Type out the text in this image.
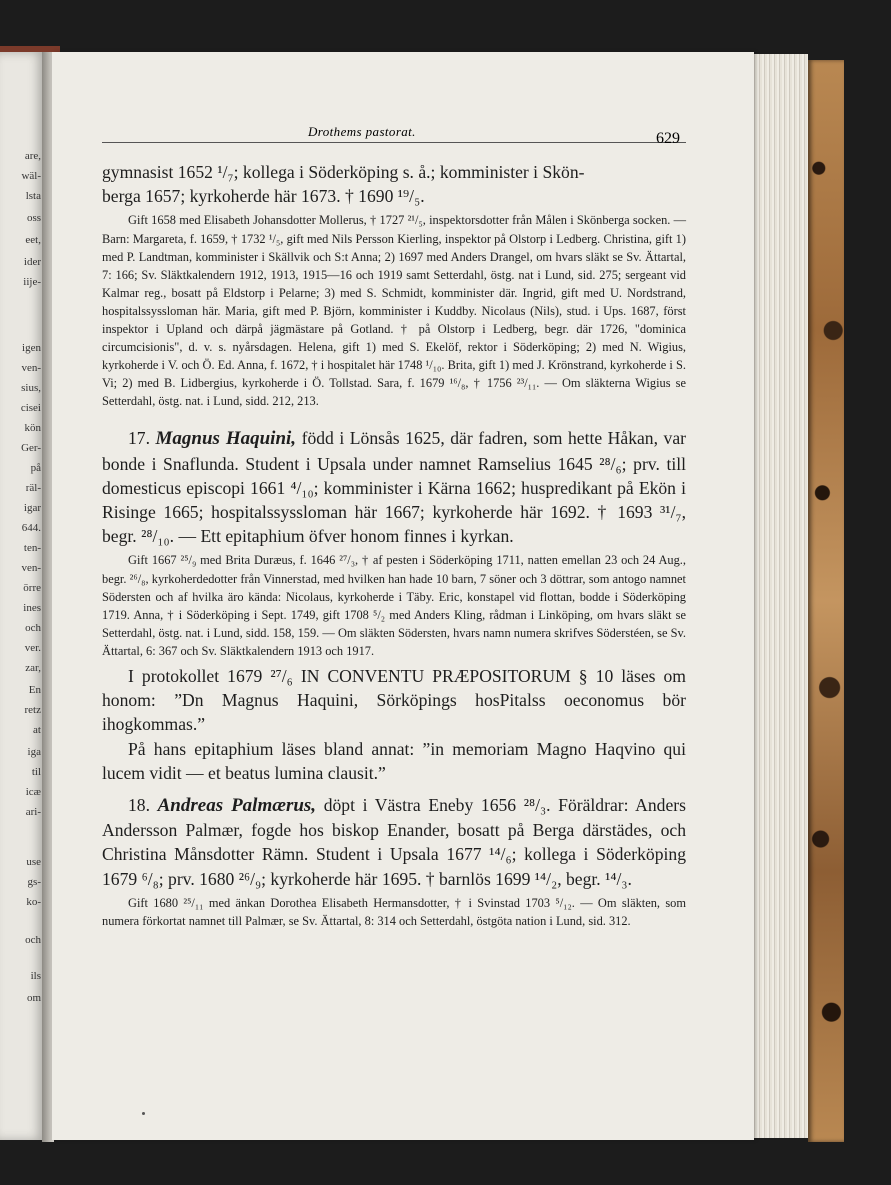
are,
wäl-
lsta
oss
eet,
ider
iije-
igen
ven-
sius,
cisei
kön
Ger-
på
räl-
igar
644.
ten-
ven-
örre
ines
och
ver.
zar,
En
retz
at
iga
til
icæ
ari-
use
gs-
ko-
och
ils
om
Drothems pastorat.	629

gymnasist 1652 ¹/₇; kollega i Söderköping s. å.; komminister i Skön-

berga 1657; kyrkoherde här 1673. † 1690 ¹⁹/₅.

Gift 1658 med Elisabeth Johansdotter Mollerus, † 1727 ²¹/₅, inspektorsdotter från Målen i Skönberga socken. — Barn: Margareta, f. 1659, † 1732 ¹/₅, gift med Nils Persson Kierling, inspektor på Olstorp i Ledberg. Christina, gift 1) med P. Landtman, komminister i Skällvik och S:t Anna; 2) 1697 med Anders Drangel, om hvars släkt se Sv. Ättartal, 7: 166; Sv. Släktkalendern 1912, 1913, 1915—16 och 1919 samt Setterdahl, östg. nat i Lund, sid. 275; sergeant vid Kalmar reg., bosatt på Eldstorp i Pelarne; 3) med S. Schmidt, komminister där. Ingrid, gift med U. Nordstrand, hospitalssyssloman här. Maria, gift med P. Björn, komminister i Kuddby. Nicolaus (Nils), stud. i Ups. 1687, först inspektor i Upland och därpå jägmästare på Gotland. † på Olstorp i Ledberg, begr. där 1726, "dominica circumcisionis", d. v. s. nyårsdagen. Helena, gift 1) med S. Ekelöf, rektor i Söderköping; 2) med N. Wigius, kyrkoherde i V. och Ö. Ed. Anna, f. 1672, † i hospitalet här 1748 ¹/₁₀. Brita, gift 1) med J. Krönstrand, kyrkoherde i S. Vi; 2) med B. Lidbergius, kyrkoherde i Ö. Tollstad. Sara, f. 1679 ¹⁶/₈, † 1756 ²³/₁₁. — Om släkterna Wigius se Setterdahl, östg. nat. i Lund, sidd. 212, 213.

17. Magnus Haquini, född i Lönsås 1625, där fadren, som hette Håkan, var bonde i Snaflunda. Student i Upsala under namnet Ramselius 1645 ²⁸/₆; prv. till domesticus episcopi 1661 ⁴/₁₀; komminister i Kärna 1662; huspredikant på Ekön i Risinge 1665; hospitalssyssloman här 1667; kyrkoherde här 1692. † 1693 ³¹/₇, begr. ²⁸/₁₀. — Ett epitaphium öfver honom finnes i kyrkan.

Gift 1667 ²⁵/₉ med Brita Duræus, f. 1646 ²⁷/₃, † af pesten i Söderköping 1711, natten emellan 23 och 24 Aug., begr. ²⁶/₈, kyrkoherdedotter från Vinnerstad, med hvilken han hade 10 barn, 7 söner och 3 döttrar, som antogo namnet Södersten och af hvilka äro kända: Nicolaus, kyrkoherde i Täby. Eric, konstapel vid flottan, bodde i Söderköping 1719. Anna, † i Söderköping i Sept. 1749, gift 1708 ⁵/₂ med Anders Kling, rådman i Linköping, om hvars släkt se Setterdahl, östg. nat. i Lund, sidd. 158, 159. — Om släkten Södersten, hvars namn numera skrifves Söderstéen, se Sv. Ättartal, 6: 367 och Sv. Släktkalendern 1913 och 1917.

I protokollet 1679 ²⁷/₆ IN CONVENTU PRÆPOSITORUM § 10 läses om honom: ”Dn Magnus Haquini, Sörköpings hosPitalss oeconomus bör ihogkommas.”

På hans epitaphium läses bland annat: ”in memoriam Magno Haqvino qui lucem vidit — et beatus lumina clausit.”

18. Andreas Palmærus, döpt i Västra Eneby 1656 ²⁸/₃. Föräldrar: Anders Andersson Palmær, fogde hos biskop Enander, bosatt på Berga därstädes, och Christina Månsdotter Rämn. Student i Upsala 1677 ¹⁴/₆; kollega i Söderköping 1679 ⁶/₈; prv. 1680 ²⁶/₉; kyrkoherde här 1695. † barnlös 1699 ¹⁴/₂, begr. ¹⁴/₃.

Gift 1680 ²⁵/₁₁ med änkan Dorothea Elisabeth Hermansdotter, † i Svinstad 1703 ⁵/₁₂. — Om släkten, som numera förkortat namnet till Palmær, se Sv. Ättartal, 8: 314 och Setterdahl, östgöta nation i Lund, sid. 312.
